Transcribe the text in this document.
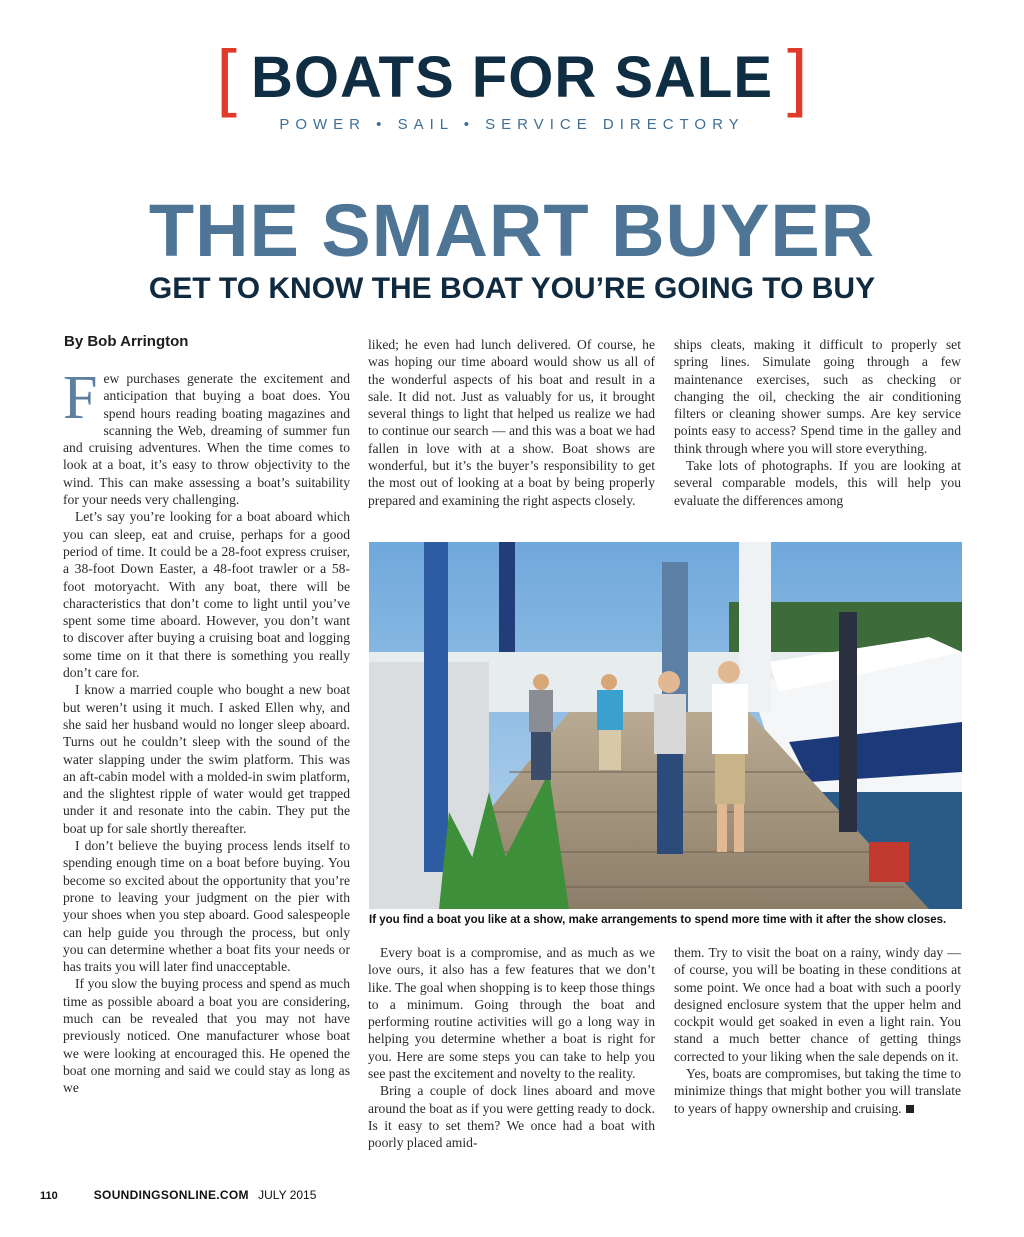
[ BOATS FOR SALE ]
POWER • SAIL • SERVICE DIRECTORY
THE SMART BUYER
GET TO KNOW THE BOAT YOU’RE GOING TO BUY
By Bob Arrington

Few purchases generate the excitement and anticipation that buying a boat does. You spend hours reading boating magazines and scanning the Web, dreaming of summer fun and cruising adventures. When the time comes to look at a boat, it’s easy to throw objectivity to the wind. This can make assessing a boat’s suitability for your needs very challenging.

Let’s say you’re looking for a boat aboard which you can sleep, eat and cruise, perhaps for a good period of time. It could be a 28-foot express cruiser, a 38-foot Down Easter, a 48-foot trawler or a 58-foot motoryacht. With any boat, there will be characteristics that don’t come to light until you’ve spent some time aboard. However, you don’t want to discover after buying a cruising boat and logging some time on it that there is something you really don’t care for.

I know a married couple who bought a new boat but weren’t using it much. I asked Ellen why, and she said her husband would no longer sleep aboard. Turns out he couldn’t sleep with the sound of the water slapping under the swim platform. This was an aft-cabin model with a molded-in swim platform, and the slightest ripple of water would get trapped under it and resonate into the cabin. They put the boat up for sale shortly thereafter.

I don’t believe the buying process lends itself to spending enough time on a boat before buying. You become so excited about the opportunity that you’re prone to leaving your judgment on the pier with your shoes when you step aboard. Good salespeople can help guide you through the process, but only you can determine whether a boat fits your needs or has traits you will later find unacceptable.

If you slow the buying process and spend as much time as possible aboard a boat you are considering, much can be revealed that you may not have previously noticed. One manufacturer whose boat we were looking at encouraged this. He opened the boat one morning and said we could stay as long as we

liked; he even had lunch delivered. Of course, he was hoping our time aboard would show us all of the wonderful aspects of his boat and result in a sale. It did not. Just as valuably for us, it brought several things to light that helped us realize we had to continue our search — and this was a boat we had fallen in love with at a show. Boat shows are wonderful, but it’s the buyer’s responsibility to get the most out of looking at a boat by being properly prepared and examining the right aspects closely.

ships cleats, making it difficult to properly set spring lines. Simulate going through a few maintenance exercises, such as checking or changing the oil, checking the air conditioning filters or cleaning shower sumps. Are key service points easy to access? Spend time in the galley and think through where you will store everything.

Take lots of photographs. If you are looking at several comparable models, this will help you evaluate the differences among

If you find a boat you like at a show, make arrangements to spend more time with it after the show closes.

Every boat is a compromise, and as much as we love ours, it also has a few features that we don’t like. The goal when shopping is to keep those things to a minimum. Going through the boat and performing routine activities will go a long way in helping you determine whether a boat is right for you. Here are some steps you can take to help you see past the excitement and novelty to the reality.

Bring a couple of dock lines aboard and move around the boat as if you were getting ready to dock. Is it easy to set them? We once had a boat with poorly placed amid-

them. Try to visit the boat on a rainy, windy day — of course, you will be boating in these conditions at some point. We once had a boat with such a poorly designed enclosure system that the upper helm and cockpit would get soaked in even a light rain. You stand a much better chance of getting things corrected to your liking when the sale depends on it.

Yes, boats are compromises, but taking the time to minimize things that might bother you will translate to years of happy ownership and cruising.

110	SOUNDINGSONLINE.COM JULY 2015
